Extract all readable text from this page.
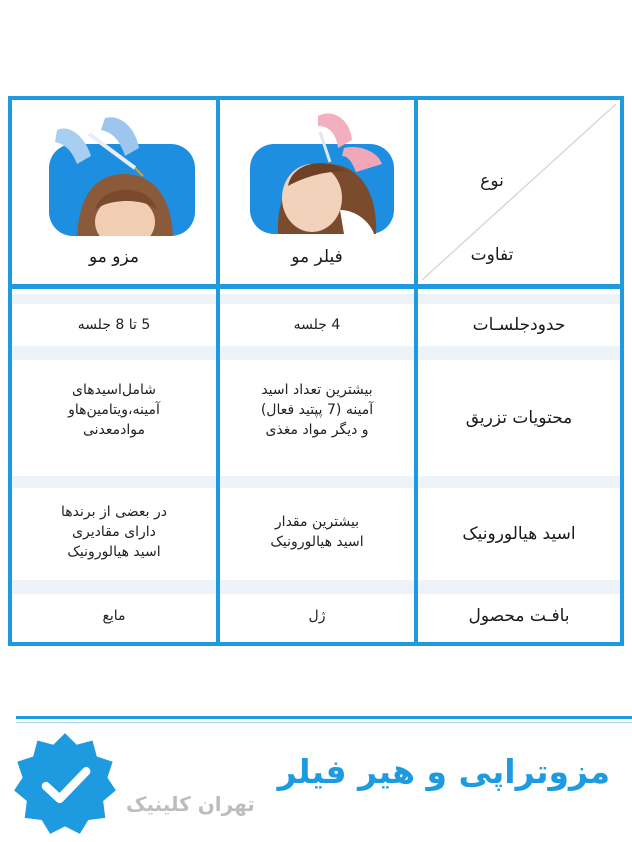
نوع
تفاوت
مزو مو	فیلر مو
حدودجلسـات
4 جلسه
5 تا 8 جلسه
محتویات تزریق
بیشترین تعداد اسید
آمینه (7 پپتید فعال)
و دیگر مواد مغذی
شامل‌اسیدهای
آمینه،ویتامین‌هاو
موادمعدنی
اسید هیالورونیک
بیشترین مقدار
اسید هیالورونیک
در بعضی از برندها
دارای مقادیری
اسید هیالورونیک
بافـت محصول
ژل
مایع
مزوتراپی و هیر فیلر
تهران کلینیک
